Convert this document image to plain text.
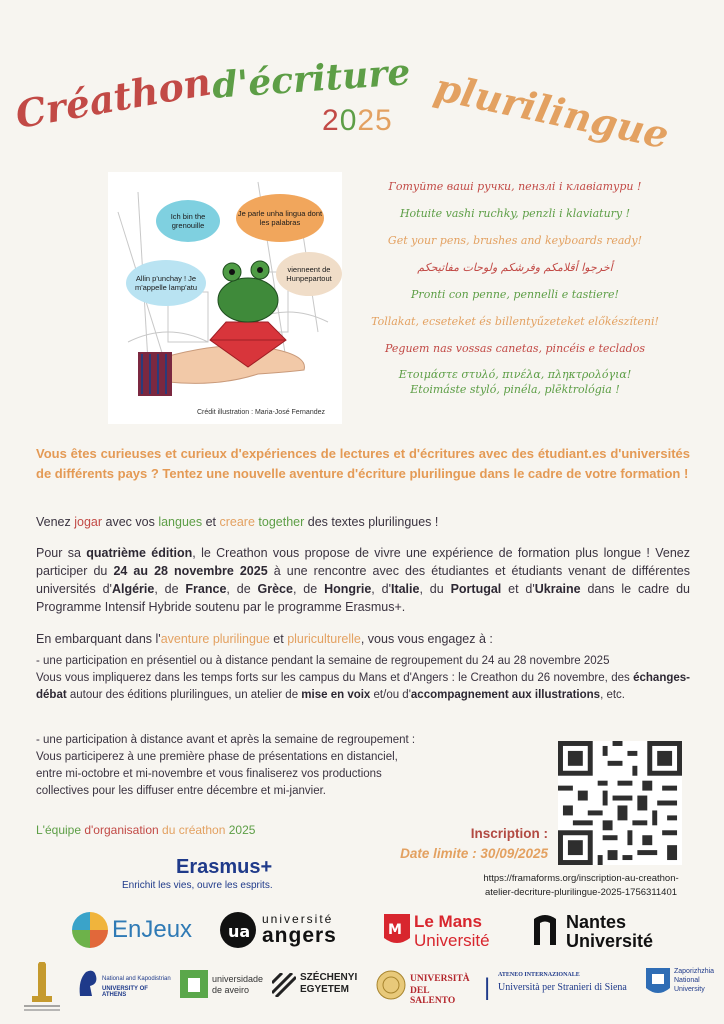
Créathon
d'écriture plurilingue
2025
Ich bin the grenouille
Je parle unha lingua dont les palabras
Allin p'unchay ! Je m'appelle lamp'atu
vienneent de Hunpepartout
Crédit illustration : Maria-José Fernandez
Готуйте ваші ручки, пензлі і клавіатури !
Hotuite vashi ruchky, penzli i klaviatury !
Get your pens, brushes and keyboards ready!
أخرجوا أقلامكم وفرشكم ولوحات مفاتيحكم
Pronti con penne, pennelli e tastiere!
Tollakat, ecseteket és billentyűzeteket előkészíteni!
Peguem nas vossas canetas, pincéis e teclados
Ετοιμάστε στυλό, πινέλα, πληκτρολόγια!
Etoimáste styló, pinéla, plēktrológia !
Vous êtes curieuses et curieux d'expériences de lectures et d'écritures avec des étudiant.es d'universités de différents pays ? Tentez une nouvelle aventure d'écriture plurilingue dans le cadre de votre formation !
Venez jogar avec vos langues et creare together des textes plurilingues !
Pour sa quatrième édition, le Creathon vous propose de vivre une expérience de formation plus longue ! Venez participer du 24 au 28 novembre 2025 à une rencontre avec des étudiantes et étudiants venant de différentes universités d'Algérie, de France, de Grèce, de Hongrie, d'Italie, du Portugal et d'Ukraine dans le cadre du Programme Intensif Hybride soutenu par le programme Erasmus+.
En embarquant dans l'aventure plurilingue et pluriculturelle, vous vous engagez à :
- une participation en présentiel ou à distance pendant la semaine de regroupement du 24 au 28 novembre 2025
Vous vous impliquerez dans les temps forts sur les campus du Mans et d'Angers : le Creathon du 26 novembre, des échanges-débat autour des éditions plurilingues, un atelier de mise en voix et/ou d'accompagnement aux illustrations, etc.
- une participation à distance avant et après la semaine de regroupement :
Vous participerez à une première phase de présentations en distanciel,
entre mi-octobre et mi-novembre et vous finaliserez vos productions
collectives pour les diffuser entre décembre et mi-janvier.
L'équipe d'organisation du créathon 2025	Inscription :
Date limite : 30/09/2025
https://framaforms.org/inscription-au-creathon-
atelier-decriture-plurilingue-2025-1756311401
Erasmus+
Enrichit les vies, ouvre les esprits.
EnJeux ua
université
angers	M Le Mans
Université
Nantes
Université
National and Kapodistrian
UNIVERSITY OF ATHENS
universidade
de aveiro
SZÉCHENYI
EGYETEM
UNIVERSITÀ
DEL SALENTO	| ATENEO INTERNAZIONALE
Università per Stranieri di Siena
Zaporizhzhia
National
University
